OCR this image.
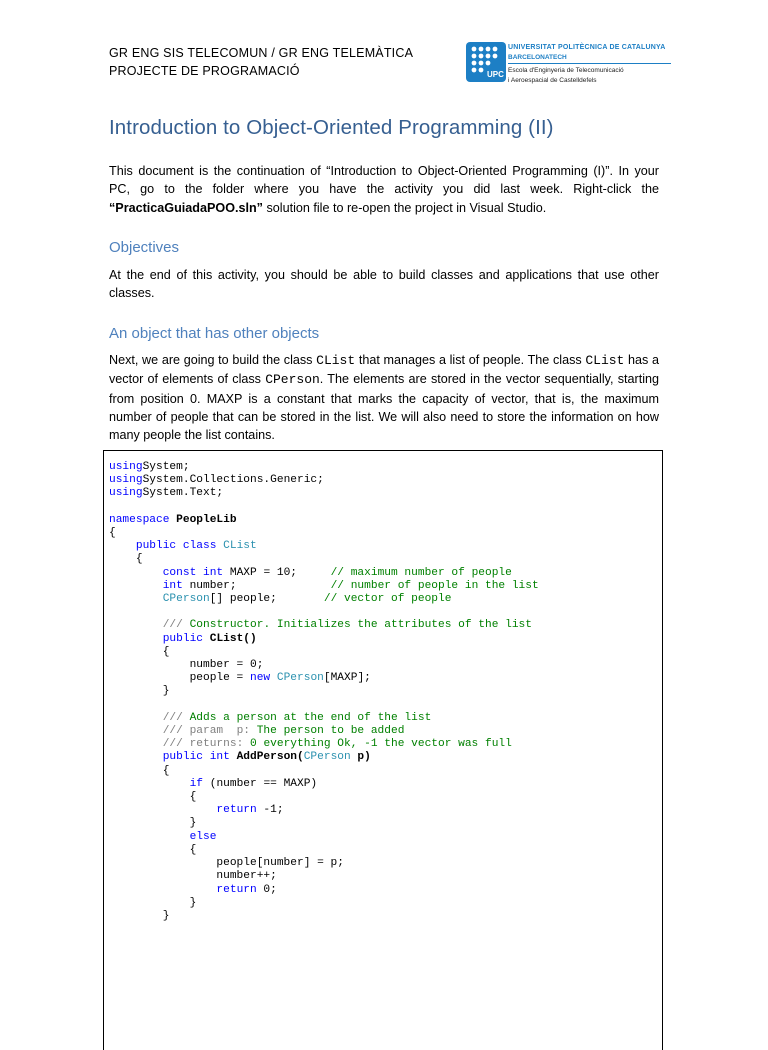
GR ENG SIS TELECOMUN / GR ENG TELEMÀTICA
PROJECTE DE PROGRAMACIÓ	UPC
UNIVERSITAT POLITÈCNICA DE CATALUNYA
BARCELONATECH
Escola d'Enginyeria de Telecomunicació
i Aeroespacial de Castelldefels
Introduction to Object-Oriented Programming (II)
This document is the continuation of “Introduction to Object-Oriented Programming (I)”. In your PC, go to the folder where you have the activity you did last week. Right-click the “PracticaGuiadaPOO.sln” solution file to re-open the project in Visual Studio.
Objectives
At the end of this activity, you should be able to build classes and applications that use other classes.
An object that has other objects
Next, we are going to build the class CList that manages a list of people. The class CList has a vector of elements of class CPerson. The elements are stored in the vector sequentially, starting from position 0. MAXP is a constant that marks the capacity of vector, that is, the maximum number of people that can be stored in the list. We will also need to store the information on how many people the list contains.
usingSystem;
usingSystem.Collections.Generic;
usingSystem.Text;

namespace PeopleLib
{
public class CList
{
const int MAXP = 10;     // maximum number of people
int number;              // number of people in the list
CPerson[] people;       // vector of people

/// Constructor. Initializes the attributes of the list
public CList()
{
number = 0;
people = new CPerson[MAXP];
}

/// Adds a person at the end of the list
/// param  p: The person to be added
/// returns: 0 everything Ok, -1 the vector was full
public int AddPerson(CPerson p)
{
if (number == MAXP)
{
return -1;
}
else
{
people[number] = p;
number++;
return 0;
}
}
